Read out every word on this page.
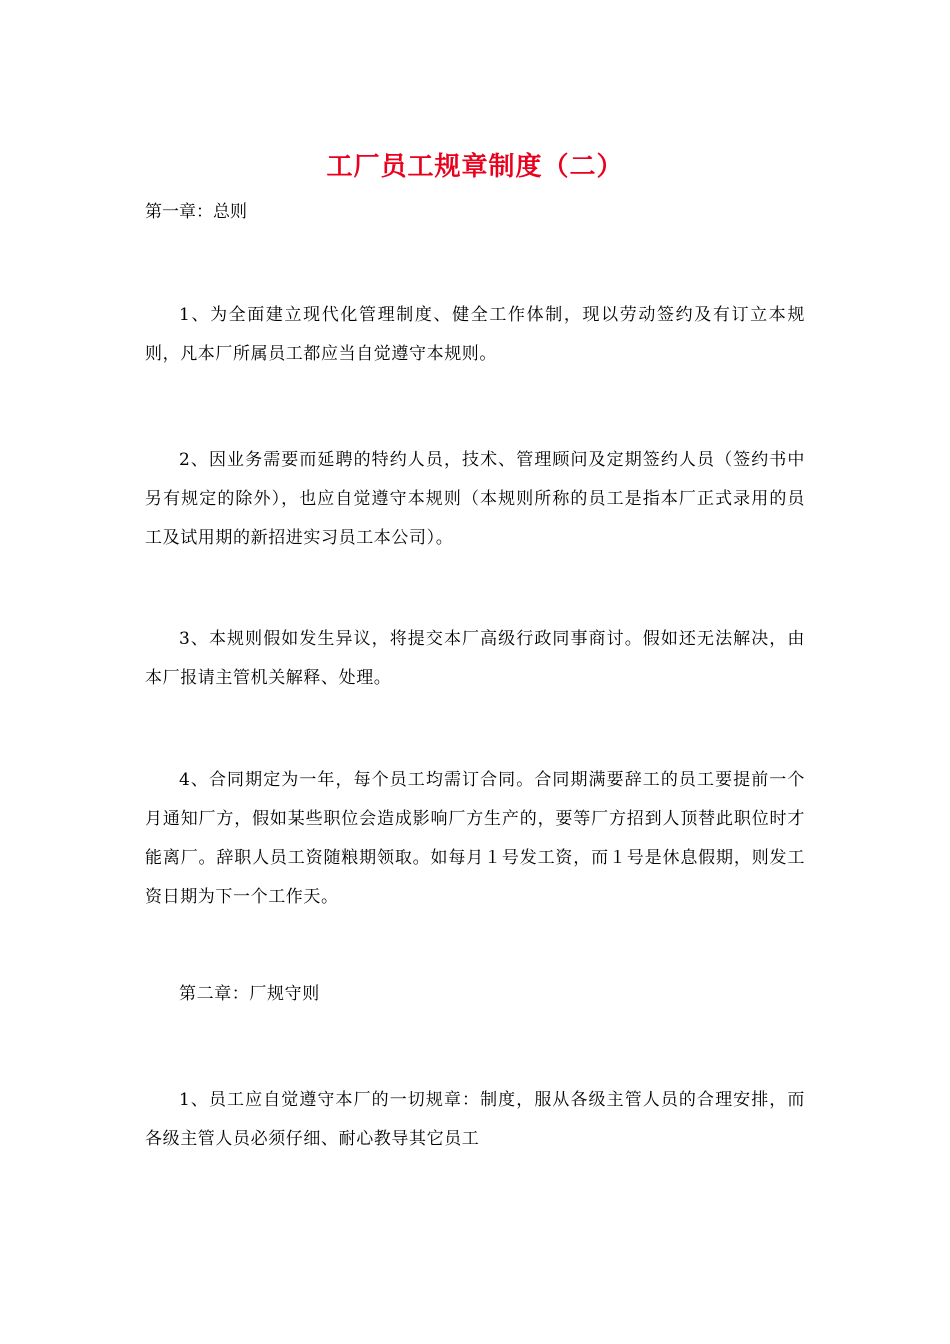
工厂员工规章制度（二）
第一章：总则

1、为全面建立现代化管理制度、健全工作体制，现以劳动签约及有订立本规则，凡本厂所属员工都应当自觉遵守本规则。

2、因业务需要而延聘的特约人员，技术、管理顾问及定期签约人员（签约书中另有规定的除外），也应自觉遵守本规则（本规则所称的员工是指本厂正式录用的员工及试用期的新招进实习员工本公司）。

3、本规则假如发生异议，将提交本厂高级行政同事商讨。假如还无法解决，由本厂报请主管机关解释、处理。

4、合同期定为一年，每个员工均需订合同。合同期满要辞工的员工要提前一个月通知厂方，假如某些职位会造成影响厂方生产的，要等厂方招到人顶替此职位时才能离厂。辞职人员工资随粮期领取。如每月１号发工资，而１号是休息假期，则发工资日期为下一个工作天。

第二章：厂规守则

1、员工应自觉遵守本厂的一切规章：制度，服从各级主管人员的合理安排，而各级主管人员必须仔细、耐心教导其它员工
